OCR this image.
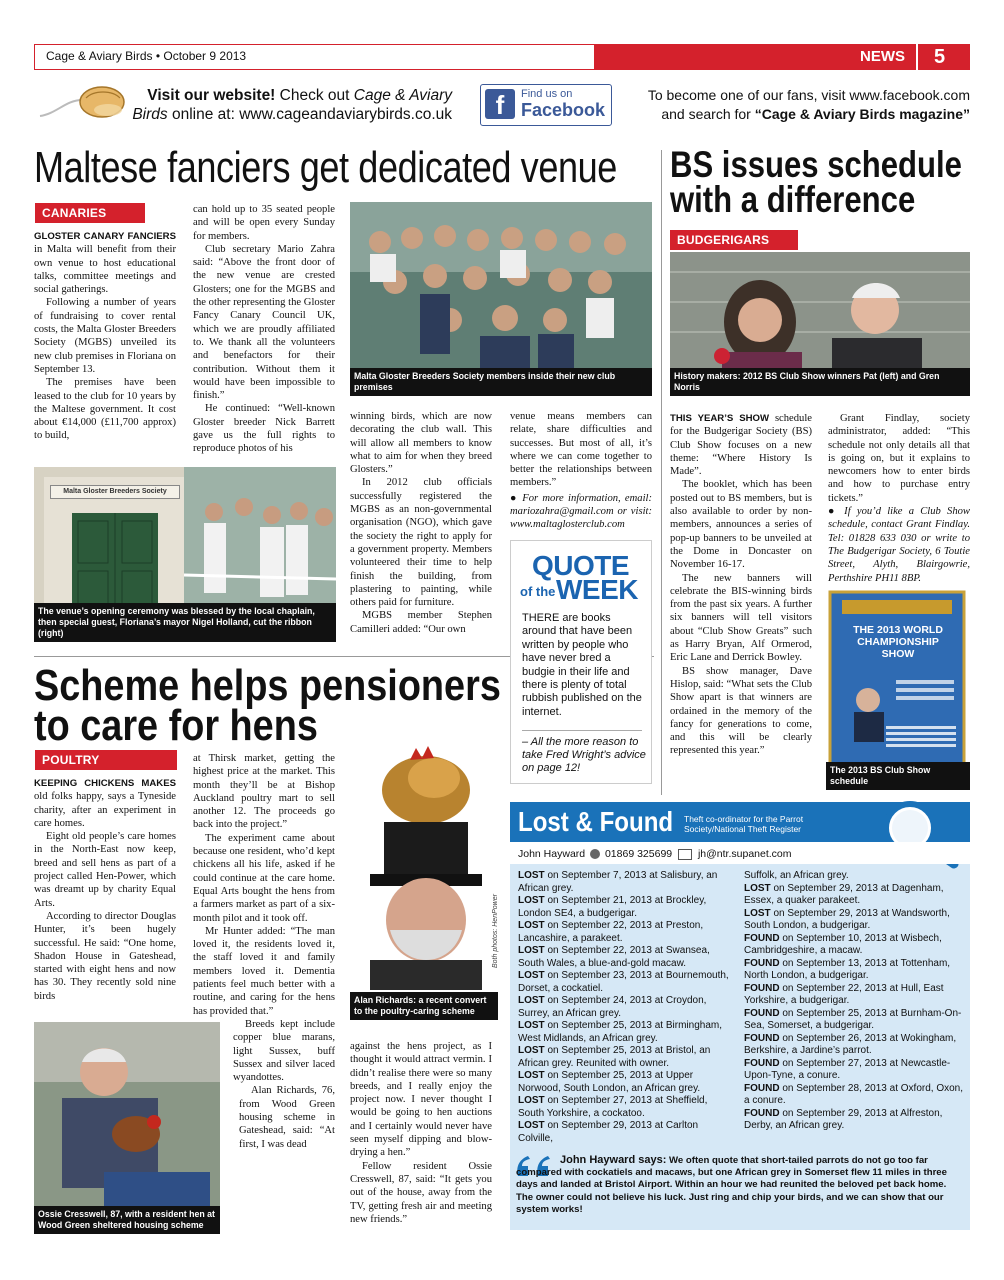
Cage & Aviary Birds • October 9 2013	NEWS 5
Visit our website! Check out Cage & Aviary Birds online at: www.cageandaviarybirds.co.uk	f	Find us on
Facebook
To become one of our fans, visit www.facebook.com
and search for “Cage & Aviary Birds magazine”
Maltese fanciers get dedicated venue
CANARIES

GLOSTER CANARY FANCIERS in Malta will benefit from their own venue to host educational talks, committee meetings and social gatherings.

Following a number of years of fundraising to cover rental costs, the Malta Gloster Breeders Society (MGBS) unveiled its new club premises in Floriana on September 13.

The premises have been leased to the club for 10 years by the Maltese government. It cost about €14,000 (£11,700 approx) to build,

can hold up to 35 seated people and will be open every Sunday for members.

Club secretary Mario Zahra said: “Above the front door of the new venue are crested Glosters; one for the MGBS and the other representing the Gloster Fancy Canary Council UK, which we are proudly affiliated to. We thank all the volunteers and benefactors for their contribution. Without them it would have been impossible to finish.”

He continued: “Well-known Gloster breeder Nick Barrett gave us the full rights to reproduce photos of his

Malta Gloster Breeders Society members inside their new club premises
Malta Gloster Breeders Society
The venue’s opening ceremony was blessed by the local chaplain, then special guest, Floriana’s mayor Nigel Holland, cut the ribbon (right)

winning birds, which are now decorating the club wall. This will allow all members to know what to aim for when they breed Glosters.”

In 2012 club officials successfully registered the MGBS as an non-governmental organisation (NGO), which gave the society the right to apply for a government property. Members volunteered their time to help finish the building, from plastering to painting, while others paid for furniture.

MGBS member Stephen Camilleri added: “Our own

venue means members can relate, share difficulties and successes. But most of all, it’s where we can come together to better the relationships between members.”

● For more information, email: mariozahra@gmail.com or visit: www.maltaglosterclub.com

QUOTE
of the WEEK
THERE are books around that have been written by people who have never bred a budgie in their life and there is plenty of total rubbish published on the internet.
– All the more reason to take Fred Wright’s advice on page 12!
BS issues schedule
with a difference
BUDGERIGARS
History makers: 2012 BS Club Show winners Pat (left) and Gren Norris

THIS YEAR’S SHOW schedule for the Budgerigar Society (BS) Club Show focuses on a new theme: “Where History Is Made”.

The booklet, which has been posted out to BS members, but is also available to order by non-members, announces a series of pop-up banners to be unveiled at the Dome in Doncaster on November 16-17.

The new banners will celebrate the BIS-winning birds from the past six years. A further six banners will tell visitors about “Club Show Greats” such as Harry Bryan, Alf Ormerod, Eric Lane and Derrick Bowley.

BS show manager, Dave Hislop, said: “What sets the Club Show apart is that winners are ordained in the memory of the fancy for generations to come, and this will be clearly represented this year.”

Grant Findlay, society administrator, added: “This schedule not only details all that is going on, but it explains to newcomers how to enter birds and how to purchase entry tickets.”

● If you’d like a Club Show schedule, contact Grant Findlay. Tel: 01828 633 030 or write to The Budgerigar Society, 6 Toutie Street, Alyth, Blairgowrie, Perthshire PH11 8BP.

THE 2013 WORLD CHAMPIONSHIP SHOW
The 2013 BS Club Show schedule
Scheme helps pensioners
to care for hens
POULTRY

KEEPING CHICKENS MAKES old folks happy, says a Tyneside charity, after an experiment in care homes.

Eight old people’s care homes in the North-East now keep, breed and sell hens as part of a project called Hen-Power, which was dreamt up by charity Equal Arts.

According to director Douglas Hunter, it’s been hugely successful. He said: “One home, Shadon House in Gateshead, started with eight hens and now has 30. They recently sold nine birds

at Thirsk market, getting the highest price at the market. This month they’ll be at Bishop Auckland poultry mart to sell another 12. The proceeds go back into the project.”

The experiment came about because one resident, who’d kept chickens all his life, asked if he could continue at the care home. Equal Arts bought the hens from a farmers market as part of a six-month pilot and it took off.

Mr Hunter added: “The man loved it, the residents loved it, the staff loved it and family members loved it. Dementia patients feel much better with a routine, and caring for the hens has provided that.”

Breeds kept include copper blue marans, light Sussex, buff Sussex and silver laced wyandottes.

Alan Richards, 76, from Wood Green housing scheme in Gateshead, said: “At first, I was dead

Alan Richards: a recent convert to the poultry-caring scheme
Both photos: HenPower
Ossie Cresswell, 87, with a resident hen at Wood Green sheltered housing scheme

against the hens project, as I thought it would attract vermin. I didn’t realise there were so many breeds, and I really enjoy the project now. I never thought I would be going to hen auctions and I certainly would never have seen myself dipping and blow-drying a hen.”

Fellow resident Ossie Cresswell, 87, said: “It gets you out of the house, away from the TV, getting fresh air and meeting new friends.”

Lost & Found Theft co-ordinator for the Parrot Society/National Theft Register
John Hayward 01869 325699 jh@ntr.supanet.com
LOST on September 7, 2013 at Salisbury, an African grey.
LOST on September 21, 2013 at Brockley, London SE4, a budgerigar.
LOST on September 22, 2013 at Preston, Lancashire, a parakeet.
LOST on September 22, 2013 at Swansea, South Wales, a blue-and-gold macaw.
LOST on September 23, 2013 at Bournemouth, Dorset, a cockatiel.
LOST on September 24, 2013 at Croydon, Surrey, an African grey.
LOST on September 25, 2013 at Birmingham, West Midlands, an African grey.
LOST on September 25, 2013 at Bristol, an African grey. Reunited with owner.
LOST on September 25, 2013 at Upper Norwood, South London, an African grey.
LOST on September 27, 2013 at Sheffield, South Yorkshire, a cockatoo.
LOST on September 29, 2013 at Carlton Colville,
Suffolk, an African grey.
LOST on September 29, 2013 at Dagenham, Essex, a quaker parakeet.
LOST on September 29, 2013 at Wandsworth, South London, a budgerigar.
FOUND on September 10, 2013 at Wisbech, Cambridgeshire, a macaw.
FOUND on September 13, 2013 at Tottenham, North London, a budgerigar.
FOUND on September 22, 2013 at Hull, East Yorkshire, a budgerigar.
FOUND on September 25, 2013 at Burnham-On-Sea, Somerset, a budgerigar.
FOUND on September 26, 2013 at Wokingham, Berkshire, a Jardine’s parrot.
FOUND on September 27, 2013 at Newcastle-Upon-Tyne, a conure.
FOUND on September 28, 2013 at Oxford, Oxon, a conure.
FOUND on September 29, 2013 at Alfreston, Derby, an African grey.
John Hayward says: We often quote that short-tailed parrots do not go too far compared with cockatiels and macaws, but one African grey in Somerset flew 11 miles in three days and landed at Bristol Airport. Within an hour we had reunited the beloved pet back home. The owner could not believe his luck. Just ring and chip your birds, and we can show that our system works!
